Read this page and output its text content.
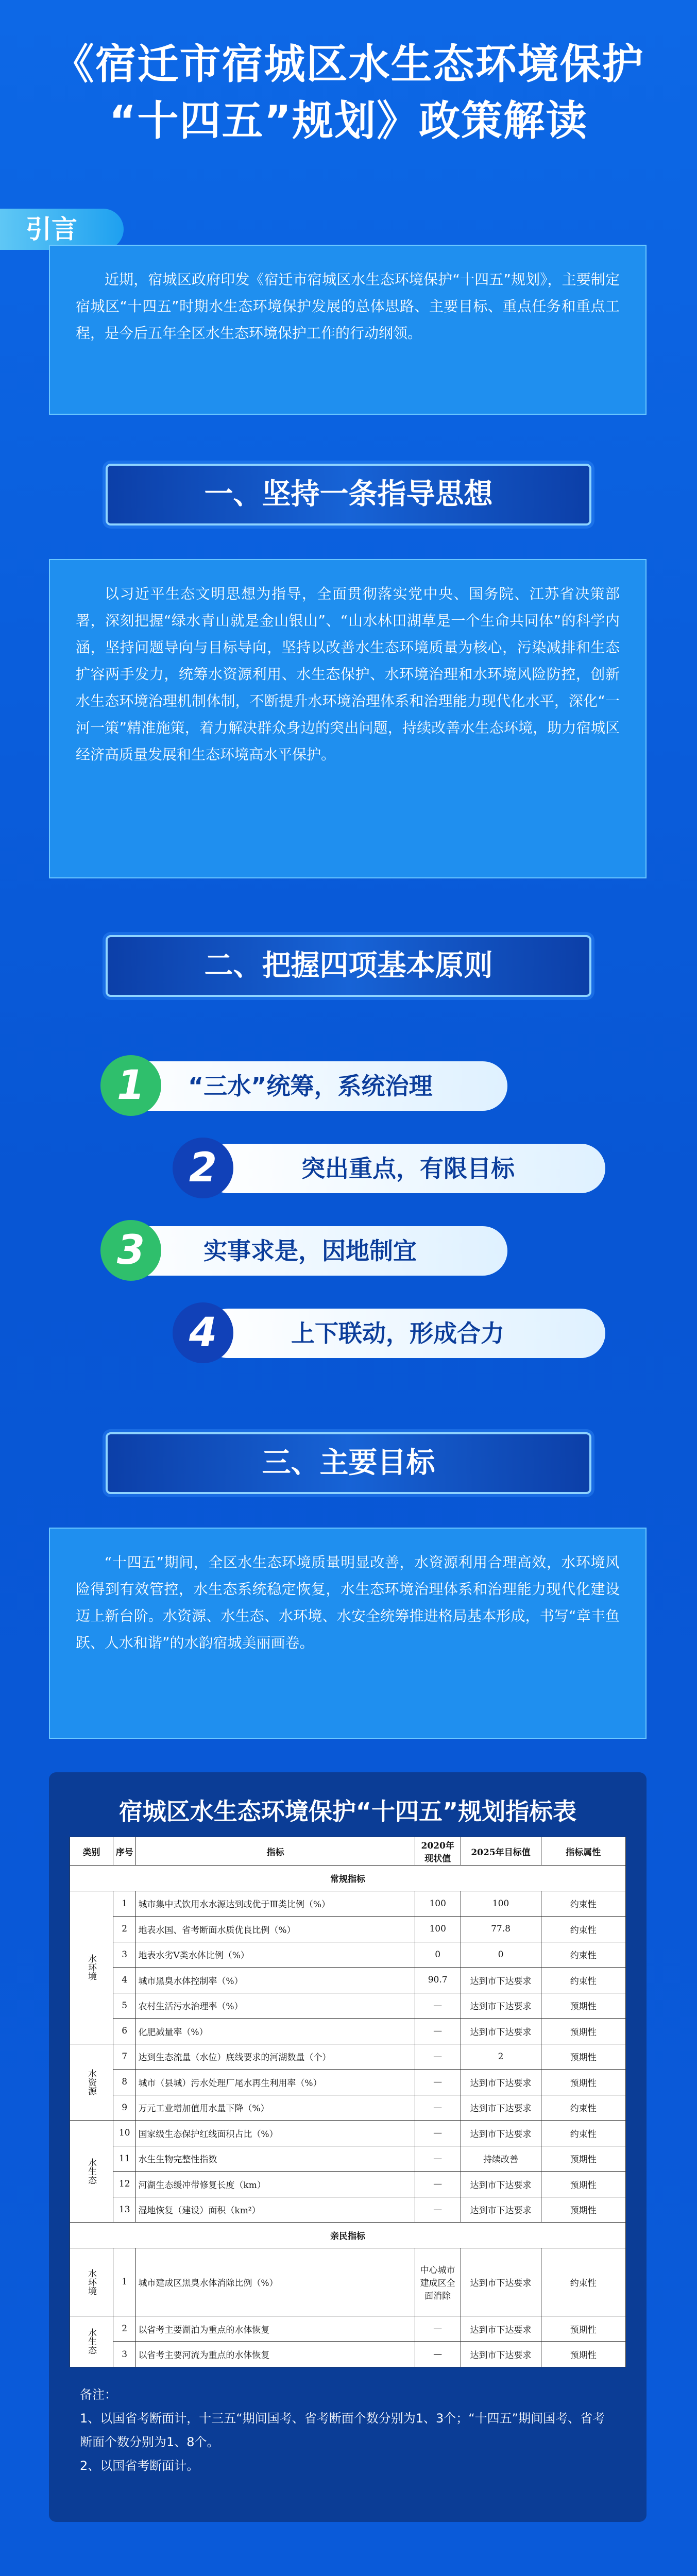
《宿迁市宿城区水生态环境保护
“十四五”规划》政策解读
引言

近期，宿城区政府印发《宿迁市宿城区水生态环境保护“十四五”规划》，主要制定宿城区“十四五”时期水生态环境保护发展的总体思路、主要目标、重点任务和重点工程，是今后五年全区水生态环境保护工作的行动纲领。

一、坚持一条指导思想

以习近平生态文明思想为指导，全面贯彻落实党中央、国务院、江苏省决策部署，深刻把握“绿水青山就是金山银山”、“山水林田湖草是一个生命共同体”的科学内涵，坚持问题导向与目标导向，坚持以改善水生态环境质量为核心，污染减排和生态扩容两手发力，统筹水资源利用、水生态保护、水环境治理和水环境风险防控，创新水生态环境治理机制体制，不断提升水环境治理体系和治理能力现代化水平，深化“一河一策”精准施策，着力解决群众身边的突出问题，持续改善水生态环境，助力宿城区经济高质量发展和生态环境高水平保护。

二、把握四项基本原则
“三水”统筹，系统治理
1
突出重点，有限目标
2
实事求是，因地制宜
3
上下联动，形成合力
4
三、主要目标

“十四五”期间，全区水生态环境质量明显改善，水资源利用合理高效，水环境风险得到有效管控，水生态系统稳定恢复，水生态环境治理体系和治理能力现代化建设迈上新台阶。水资源、水生态、水环境、水安全统筹推进格局基本形成，书写“章丰鱼跃、人水和谐”的水韵宿城美丽画卷。

宿城区水生态环境保护“十四五”规划指标表
类别	序号	指标	2020年现状值	2025年目标值	指标属性
常规指标					
水环境	1	城市集中式饮用水水源达到或优于Ⅲ类比例（%）	100	100	约束性
	2	地表水国、省考断面水质优良比例（%）	100	77.8	约束性
	3	地表水劣Ⅴ类水体比例（%）	0	0	约束性
	4	城市黑臭水体控制率（%）	90.7	达到市下达要求	约束性
	5	农村生活污水治理率（%）	—	达到市下达要求	预期性
	6	化肥减量率（%）	—	达到市下达要求	预期性
水资源	7	达到生态流量（水位）底线要求的河湖数量（个）	—	2	预期性
	8	城市（县城）污水处理厂尾水再生利用率（%）	—	达到市下达要求	预期性
	9	万元工业增加值用水量下降（%）	—	达到市下达要求	约束性
水生态	10	国家级生态保护红线面积占比（%）	—	达到市下达要求	约束性
	11	水生生物完整性指数	—	持续改善	预期性
	12	河湖生态缓冲带修复长度（km）	—	达到市下达要求	预期性
	13	湿地恢复（建设）面积（km²）	—	达到市下达要求	预期性
亲民指标					
水环境	1	城市建成区黑臭水体消除比例（%）	中心城市建成区全面消除	达到市下达要求	约束性
水生态	2	以省考主要湖泊为重点的水体恢复	—	达到市下达要求	预期性
	3	以省考主要河流为重点的水体恢复	—	达到市下达要求	预期性
备注：
1、以国省考断面计，十三五“期间国考、省考断面个数分别为1、3个；“十四五”期间国考、省考断面个数分别为1、8个。
2、以国省考断面计。
